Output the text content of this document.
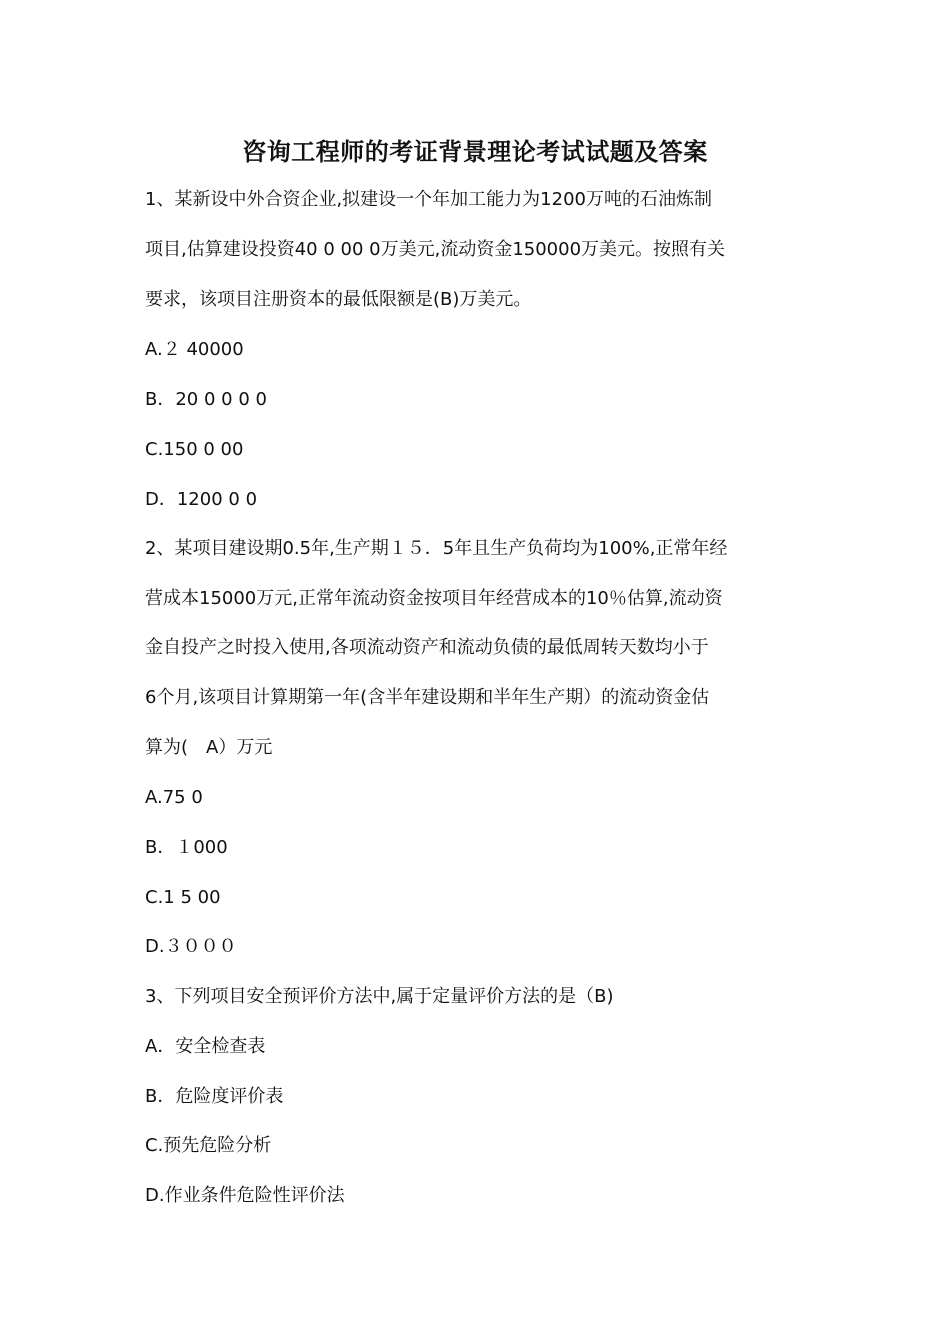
咨询工程师的考证背景理论考试试题及答案

1、某新设中外合资企业,拟建设一个年加工能力为1200万吨的石油炼制

项目,估算建设投资40 0 00 0万美元,流动资金150000万美元。按照有关

要求，该项目注册资本的最低限额是(B)万美元。

A.２ 40000

B．20 0 0 0 0

C.150 0 00

D．1200 0 0

2、某项目建设期0.5年,生产期１５．5年且生产负荷均为100%,正常年经

营成本15000万元,正常年流动资金按项目年经营成本的10％估算,流动资

金自投产之时投入使用,各项流动资产和流动负债的最低周转天数均小于

6个月,该项目计算期第一年(含半年建设期和半年生产期）的流动资金估

算为(　A）万元

A.75 0

B．１000

C.1 5 00

D.３０００

3、下列项目安全预评价方法中,属于定量评价方法的是（B)

A．安全检查表

B．危险度评价表

C.预先危险分析

D.作业条件危险性评价法
